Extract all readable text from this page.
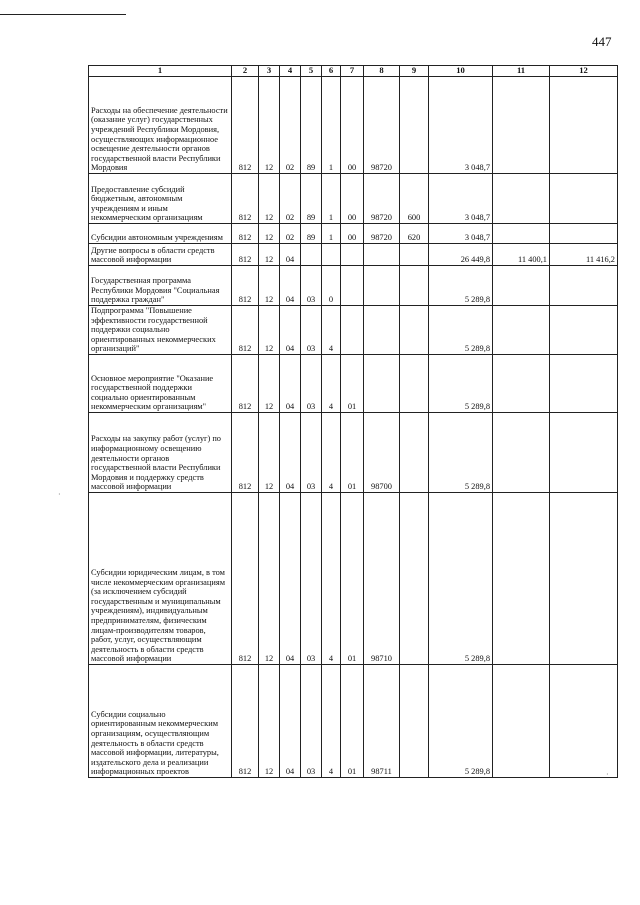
447
1	2	3	4	5	6	7	8	9	10	11	12
Расходы на обеспечение деятельности (оказание услуг) государственных учреждений Республики Мордовия, осуществляющих информационное освещение деятельности органов государственной власти Республики Мордовия	812	12	02	89	1	00	98720		3 048,7		
Предоставление субсидий бюджетным, автономным учреждениям и иным некоммерческим организациям	812	12	02	89	1	00	98720	600	3 048,7		
Субсидии автономным учреждениям	812	12	02	89	1	00	98720	620	3 048,7		
Другие вопросы в области средств массовой информации	812	12	04						26 449,8	11 400,1	11 416,2
Государственная программа Республики Мордовия "Социальная поддержка граждан"	812	12	04	03	0				5 289,8		
Подпрограмма "Повышение эффективности государственной поддержки социально ориентированных некоммерческих организаций"	812	12	04	03	4				5 289,8		
Основное мероприятие "Оказание государственной поддержки социально ориентированным некоммерческим организациям"	812	12	04	03	4	01			5 289,8		
Расходы на закупку работ (услуг) по информационному освещению деятельности органов государственной власти Республики Мордовия и поддержку средств массовой информации	812	12	04	03	4	01	98700		5 289,8		
Субсидии юридическим лицам, в том числе некоммерческим организациям (за исключением субсидий государственным и муниципальным учреждениям), индивидуальным предпринимателям, физическим лицам-производителям товаров, работ, услуг, осуществляющим деятельность в области средств массовой информации	812	12	04	03	4	01	98710		5 289,8		
Субсидии социально ориентированным некоммерческим организациям, осуществляющим деятельность в области средств массовой информации, литературы, издательского дела и реализации информационных проектов	812	12	04	03	4	01	98711		5 289,8		
·
·
